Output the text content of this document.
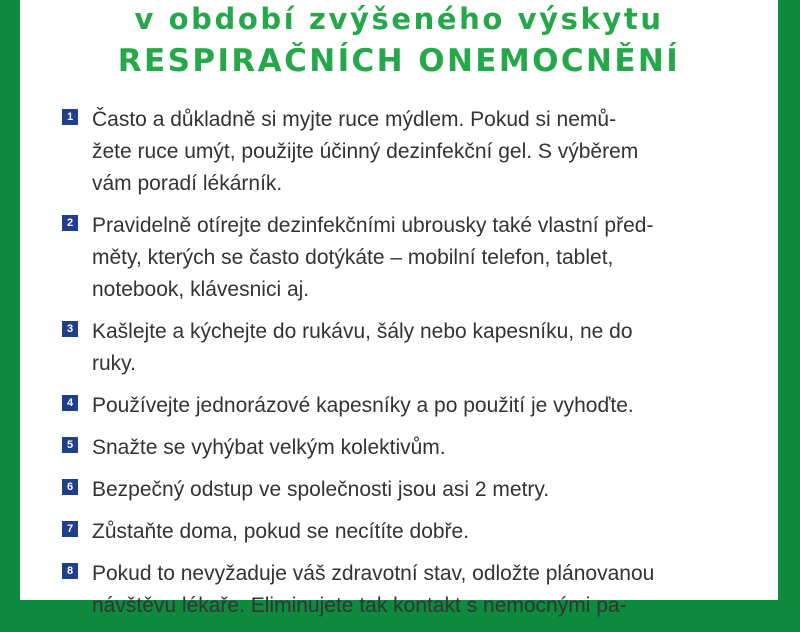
v období zvýšeného výskytu
RESPIRAČNÍCH ONEMOCNĚNÍ
1 Často a důkladně si myjte ruce mýdlem. Pokud si nemů-
žete ruce umýt, použijte účinný dezinfekční gel. S výběrem
vám poradí lékárník.
2 Pravidelně otírejte dezinfekčními ubrousky také vlastní před-
měty, kterých se často dotýkáte – mobilní telefon, tablet,
notebook, klávesnici aj.
3 Kašlejte a kýchejte do rukávu, šály nebo kapesníku, ne do
ruky.
4 Používejte jednorázové kapesníky a po použití je vyhoďte.
5 Snažte se vyhýbat velkým kolektivům.
6 Bezpečný odstup ve společnosti jsou asi 2 metry.
7 Zůstaňte doma, pokud se necítíte dobře.
8 Pokud to nevyžaduje váš zdravotní stav, odložte plánovanou
návštěvu lékaře. Eliminujete tak kontakt s nemocnými pa-
